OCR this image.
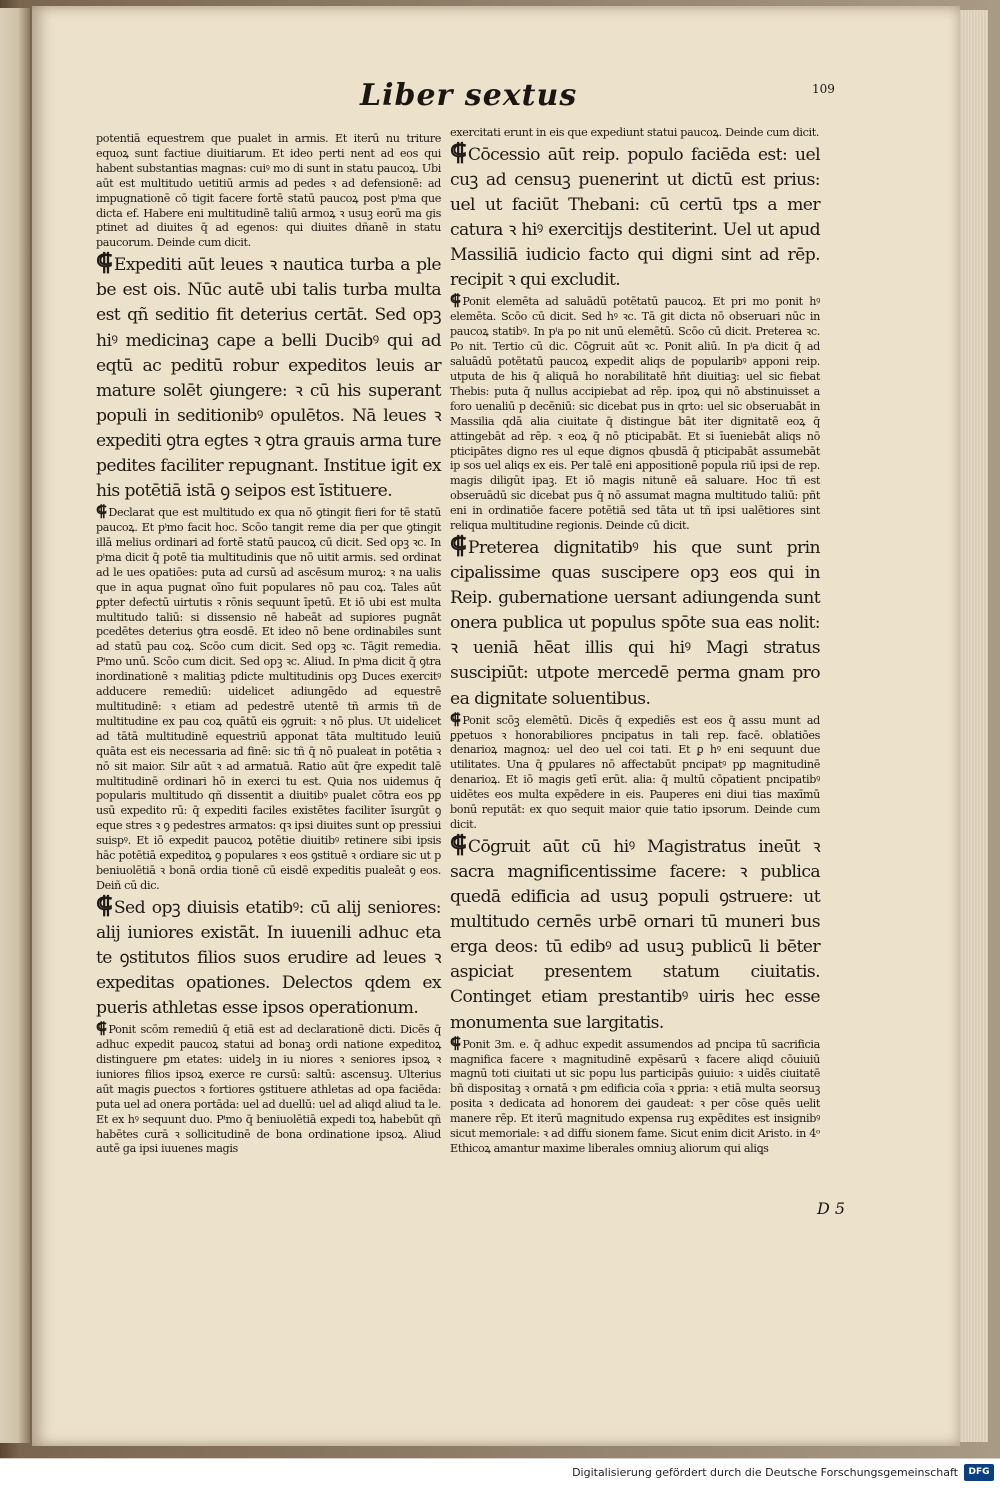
Liber sextus	109

potentiā equestrem que pualet in armis. Et iterū nu triture equoꝝ sunt factiue diuitiarum. Et ideo perti nent ad eos qui habent substantias magnas: cuiꝰ mo di sunt in statu paucoꝝ. Ubi aūt est multitudo uetitiū armis ad pedes ꝛ ad defensionē: ad impugnationē cō tigit facere fortē statū paucoꝝ post pⁱma que dicta ef. Habere eni multitudinē taliū armoꝝ ꝛ usuꝫ eorū ma gis ptinet ad diuites q̄ ad egenos: qui diuites dñanē in statu paucorum. Deinde cum dicit.

⸿ Expediti aūt leues ꝛ nautica turba a ple be est ois. Nūc autē ubi talis turba multa est qñ seditio fit deterius certāt. Sed opꝫ hiꝰ medicinaꝫ cape a belli Ducibꝰ qui ad eqtū ac peditū robur expeditos leuis ar mature solēt ꝯiungere: ꝛ cū his superant populi in seditionibꝰ opulētos. Nā leues ꝛ expediti ꝯtra egtes ꝛ ꝯtra grauis arma ture pedites faciliter repugnant. Institue igit ex his potētiā istā ꝯ seipos est īstituere.

⸿ Declarat que est multitudo ex qua nō ꝯtingit fieri for tē statū paucoꝝ. Et pⁱmo facit hoc. Scōo tangit reme dia per que ꝯtingit illā melius ordinari ad fortē statū paucoꝝ cū dicit. Sed opꝫ ꝛc. In pⁱma dicit q̄ potē tia multitudinis que nō uitit armis. sed ordinat ad le ues opatiōes: puta ad cursū ad ascēsum muroꝝ: ꝛ na ualis que in aqua pugnat oīno fuit populares nō pau coꝝ. Tales aūt ꝑpter defectū uirtutis ꝛ rōnis sequunt īpetū. Et iō ubi est multa multitudo taliū: si dissensio nē habeāt ad supiores pugnāt pcedētes deterius ꝯtra eosdē. Et ideo nō bene ordinabiles sunt ad statū pau coꝝ. Scōo cum dicit. Sed opꝫ ꝛc. Tāgit remedia. Pⁱmo unū. Scōo cum dicit. Sed opꝫ ꝛc. Aliud. In pⁱma dicit q̄ ꝯtra inordinationē ꝛ malitiaꝫ pdicte multitudinis opꝫ Duces exercitꝰ adducere remediū: uidelicet adiungēdo ad equestrē multitudinē: ꝛ etiam ad pedestrē utentē tñ armis tñ de multitudine ex pau coꝝ quātū eis ꝯgruit: ꝛ nō plus. Ut uidelicet ad tātā multitudinē equestriū apponat tāta multitudo leuiū quāta est eis necessaria ad finē: sic tñ q̄ nō pualeat in potētia ꝛ nō sit maior. Silr aūt ꝛ ad armatuā. Ratio aūt q̄re expedit talē multitudinē ordinari hō in exerci tu est. Quia nos uidemus q̄ popularis multitudo qñ dissentit a diuitibꝰ pualet cōtra eos pꝑ usū expedito rū: q̄ expediti faciles existētes faciliter īsurgūt ꝯ eque stres ꝛ ꝯ pedestres armatos: qꝛ ipsi diuites sunt op pressiui suispꝰ. Et iō expedit paucoꝝ potētie diuitibꝰ retinere sibi ipsis hāc potētiā expeditoꝝ ꝯ populares ꝛ eos ꝯstituē ꝛ ordiare sic ut p beniuolētiā ꝛ bonā ordia tionē cū eisdē expeditis pualeāt ꝯ eos. Deiñ cū dic.

⸿ Sed opꝫ diuisis etatibꝰ: cū alij seniores: alij iuniores existāt. In iuuenili adhuc eta te ꝯstitutos filios suos erudire ad leues ꝛ expeditas opationes. Delectos qdem ex pueris athletas esse ipsos operationum.

⸿ Ponit scōm remediū q̄ etiā est ad declarationē dicti. Dicēs q̄ adhuc expedit paucoꝝ statui ad bonaꝫ ordi natione expeditoꝝ distinguere ꝑm etates: uidelꝫ in iu niores ꝛ seniores ipsoꝝ ꝛ iuniores filios ipsoꝝ exerce re cursū: saltū: ascensuꝫ. Ulterius aūt magis ꝑuectos ꝛ fortiores ꝯstituere athletas ad opa faciēda: puta uel ad onera portāda: uel ad duellū: uel ad aliqd aliud ta le. Et ex hꝰ sequunt duo. Pⁱmo q̄ beniuolētiā expedi toꝝ habebūt qñ habētes curā ꝛ sollicitudinē de bona ordinatione ipsoꝝ. Aliud autē ga ipsi iuuenes magis

exercitati erunt in eis que expediunt statui paucoꝝ. Deinde cum dicit.

⸿ Cōcessio aūt reip. populo faciēda est: uel cuꝫ ad censuꝫ puenerint ut dictū est prius: uel ut faciūt Thebani: cū certū tps a mer catura ꝛ hiꝰ exercitijs destiterint. Uel ut apud Massiliā iudicio facto qui digni sint ad rēp. recipit ꝛ qui excludit.

⸿ Ponit elemēta ad saluādū potētatū paucoꝝ. Et pri mo ponit hꝰ elemēta. Scōo cū dicit. Sed hꝰ ꝛc. Tā git dicta nō obseruari nūc in paucoꝝ statibꝰ. In pⁱa po nit unū elemētū. Scōo cū dicit. Preterea ꝛc. Po nit. Tertio cū dic. Cōgruit aūt ꝛc. Ponit aliū. In pⁱa dicit q̄ ad saluādū potētatū paucoꝝ expedit aliqs de popularibꝰ apponi reip. utputa de his q̄ aliquā ho norabilitatē hñt diuitiaꝫ: uel sic fiebat Thebis: puta q̄ nullus accipiebat ad rēp. ipoꝝ qui nō abstinuisset a foro uenaliū p decēniū: sic dicebat pus in qrto: uel sic obseruabāt in Massilia qdā alia ciuitate q̄ distingue bāt iter dignitatē eoꝝ q̄ attingebāt ad rēp. ꝛ eoꝝ q̄ nō pticipabāt. Et si īueniebāt aliqs nō pticipātes digno res ul eque dignos qbusdā q̄ pticipabāt assumebāt ip sos uel aliqs ex eis. Per talē eni appositionē popula riū ipsi de rep. magis diligūt ipaꝫ. Et iō magis nitunē eā saluare. Hoc tñ est obseruādū sic dicebat pus q̄ nō assumat magna multitudo taliū: pñt eni in ordinatiōe facere potētiā sed tāta ut tñ ipsi ualētiores sint reliqua multitudine regionis. Deinde cū dicit.

⸿ Preterea dignitatibꝰ his que sunt prin cipalissime quas suscipere opꝫ eos qui in Reip. gubernatione uersant adiungenda sunt onera publica ut populus spōte sua eas nolit: ꝛ ueniā hēat illis qui hiꝰ Magi stratus suscipiūt: utpote mercedē perma gnam pro ea dignitate soluentibus.

⸿ Ponit scōꝫ elemētū. Dicēs q̄ expediēs est eos q̄ assu munt ad ꝑpetuos ꝛ honorabiliores pncipatus in tali rep. facē. oblatiōes denarioꝝ magnoꝝ: uel deo uel coi tati. Et ꝑ hꝰ eni sequunt due utilitates. Una q̄ ꝑpulares nō affectabūt pncipatꝰ pꝑ magnitudinē denarioꝝ. Et iō magis getī erūt. alia: q̄ multū cōpatient pncipatibꝰ uidētes eos multa expēdere in eis. Pauperes eni diui tias maxīmū bonū reputāt: ex quo sequit maior quie tatio ipsorum. Deinde cum dicit.

⸿ Cōgruit aūt cū hiꝰ Magistratus ineūt ꝛ sacra magnificentissime facere: ꝛ publica quedā edificia ad usuꝫ populi ꝯstruere: ut multitudo cernēs urbē ornari tū muneri bus erga deos: tū edibꝰ ad usuꝫ publicū li bēter aspiciat presentem statum ciuitatis. Continget etiam prestantibꝰ uiris hec esse monumenta sue largitatis.

⸿ Ponit 3m. e. q̄ adhuc expedit assumendos ad pncipa tū sacrificia magnifica facere ꝛ magnitudinē expēsarū ꝛ facere aliqd cōuiuiū magnū toti ciuitati ut sic popu lus participās ꝯuiuio: ꝛ uidēs ciuitatē bñ dispositaꝫ ꝛ ornatā ꝛ ꝑm edificia coīa ꝛ ꝑpria: ꝛ etiā multa seorsuꝫ posita ꝛ dedicata ad honorem dei gaudeat: ꝛ per cōse quēs uelit manere rēp. Et iterū magnitudo expensa ruꝫ expēdites est insignibꝰ sicut memoriale: ꝛ ad diffu sionem fame. Sicut enim dicit Aristo. in 4ᵒ Ethicoꝝ amantur maxime liberales omniuꝫ aliorum qui aliꝗs

D 5
Digitalisierung gefördert durch die Deutsche Forschungsgemeinschaft	DFG
